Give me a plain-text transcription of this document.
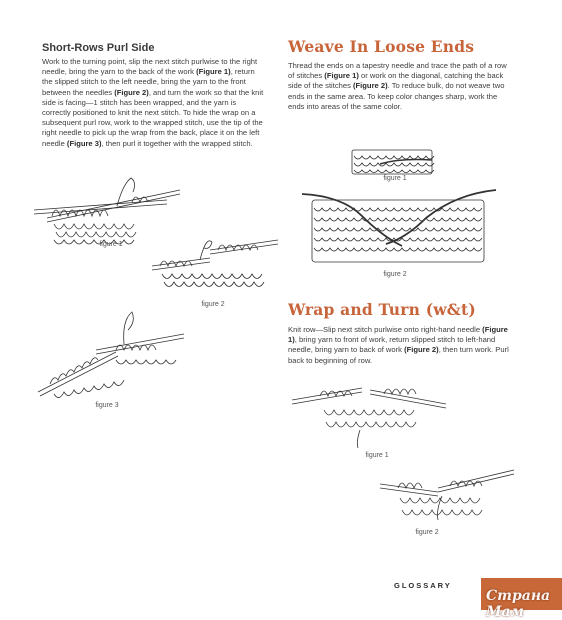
Short-Rows Purl Side
Work to the turning point, slip the next stitch purlwise to the right needle, bring the yarn to the back of the work (Figure 1), return the slipped stitch to the left needle, bring the yarn to the front between the needles (Figure 2), and turn the work so that the knit side is facing—1 stitch has been wrapped, and the yarn is correctly positioned to knit the next stitch. To hide the wrap on a subsequent purl row, work to the wrapped stitch, use the tip of the right needle to pick up the wrap from the back, place it on the left needle (Figure 3), then purl it together with the wrapped stitch.
figure 1
figure 2
figure 3
Weave In Loose Ends
Thread the ends on a tapestry needle and trace the path of a row of stitches (Figure 1) or work on the diagonal, catching the back side of the stitches (Figure 2). To reduce bulk, do not weave two ends in the same area. To keep color changes sharp, work the ends into areas of the same color.
figure 1
figure 2
Wrap and Turn (w&t)
Knit row—Slip next stitch purlwise onto right-hand needle (Figure 1), bring yarn to front of work, return slipped stitch to left-hand needle, bring yarn to back of work (Figure 2), then turn work. Purl back to beginning of row.
figure 1
figure 2
GLOSSARY
Страна Мам
